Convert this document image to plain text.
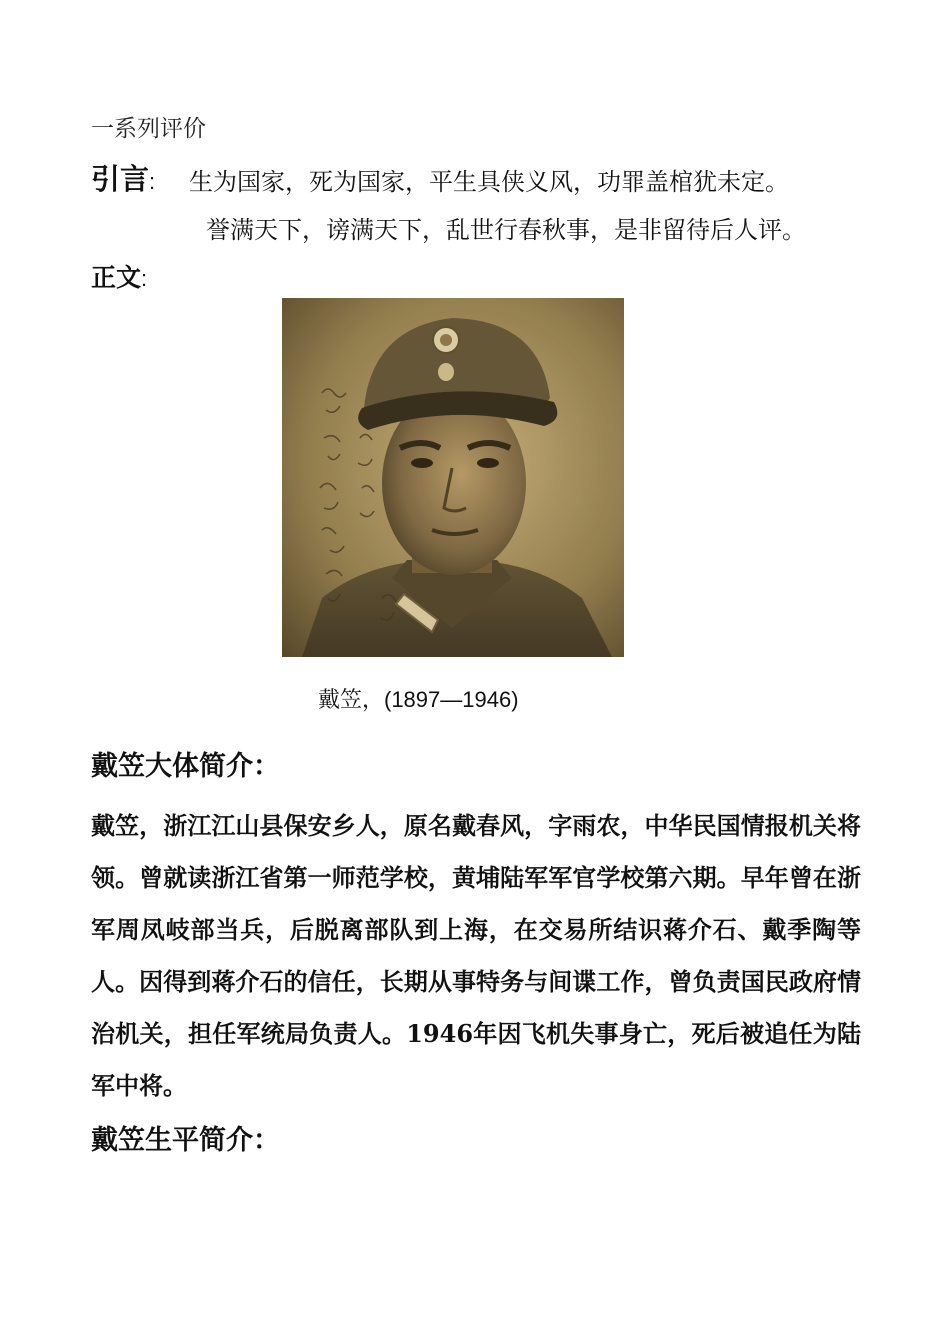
一系列评价
引言: 生为国家，死为国家，平生具侠义风，功罪盖棺犹未定。
誉满天下，谤满天下，乱世行春秋事，是非留待后人评。
正文:
戴笠，(1897—1946)
戴笠大体简介：
戴笠，浙江江山县保安乡人，原名戴春风，字雨农，中华民国情报机关将领。曾就读浙江省第一师范学校，黄埔陆军军官学校第六期。早年曾在浙军周凤岐部当兵，后脱离部队到上海，在交易所结识蒋介石、戴季陶等人。因得到蒋介石的信任，长期从事特务与间谍工作，曾负责国民政府情治机关，担任军统局负责人。1946年因飞机失事身亡，死后被追任为陆军中将。
戴笠生平简介：
